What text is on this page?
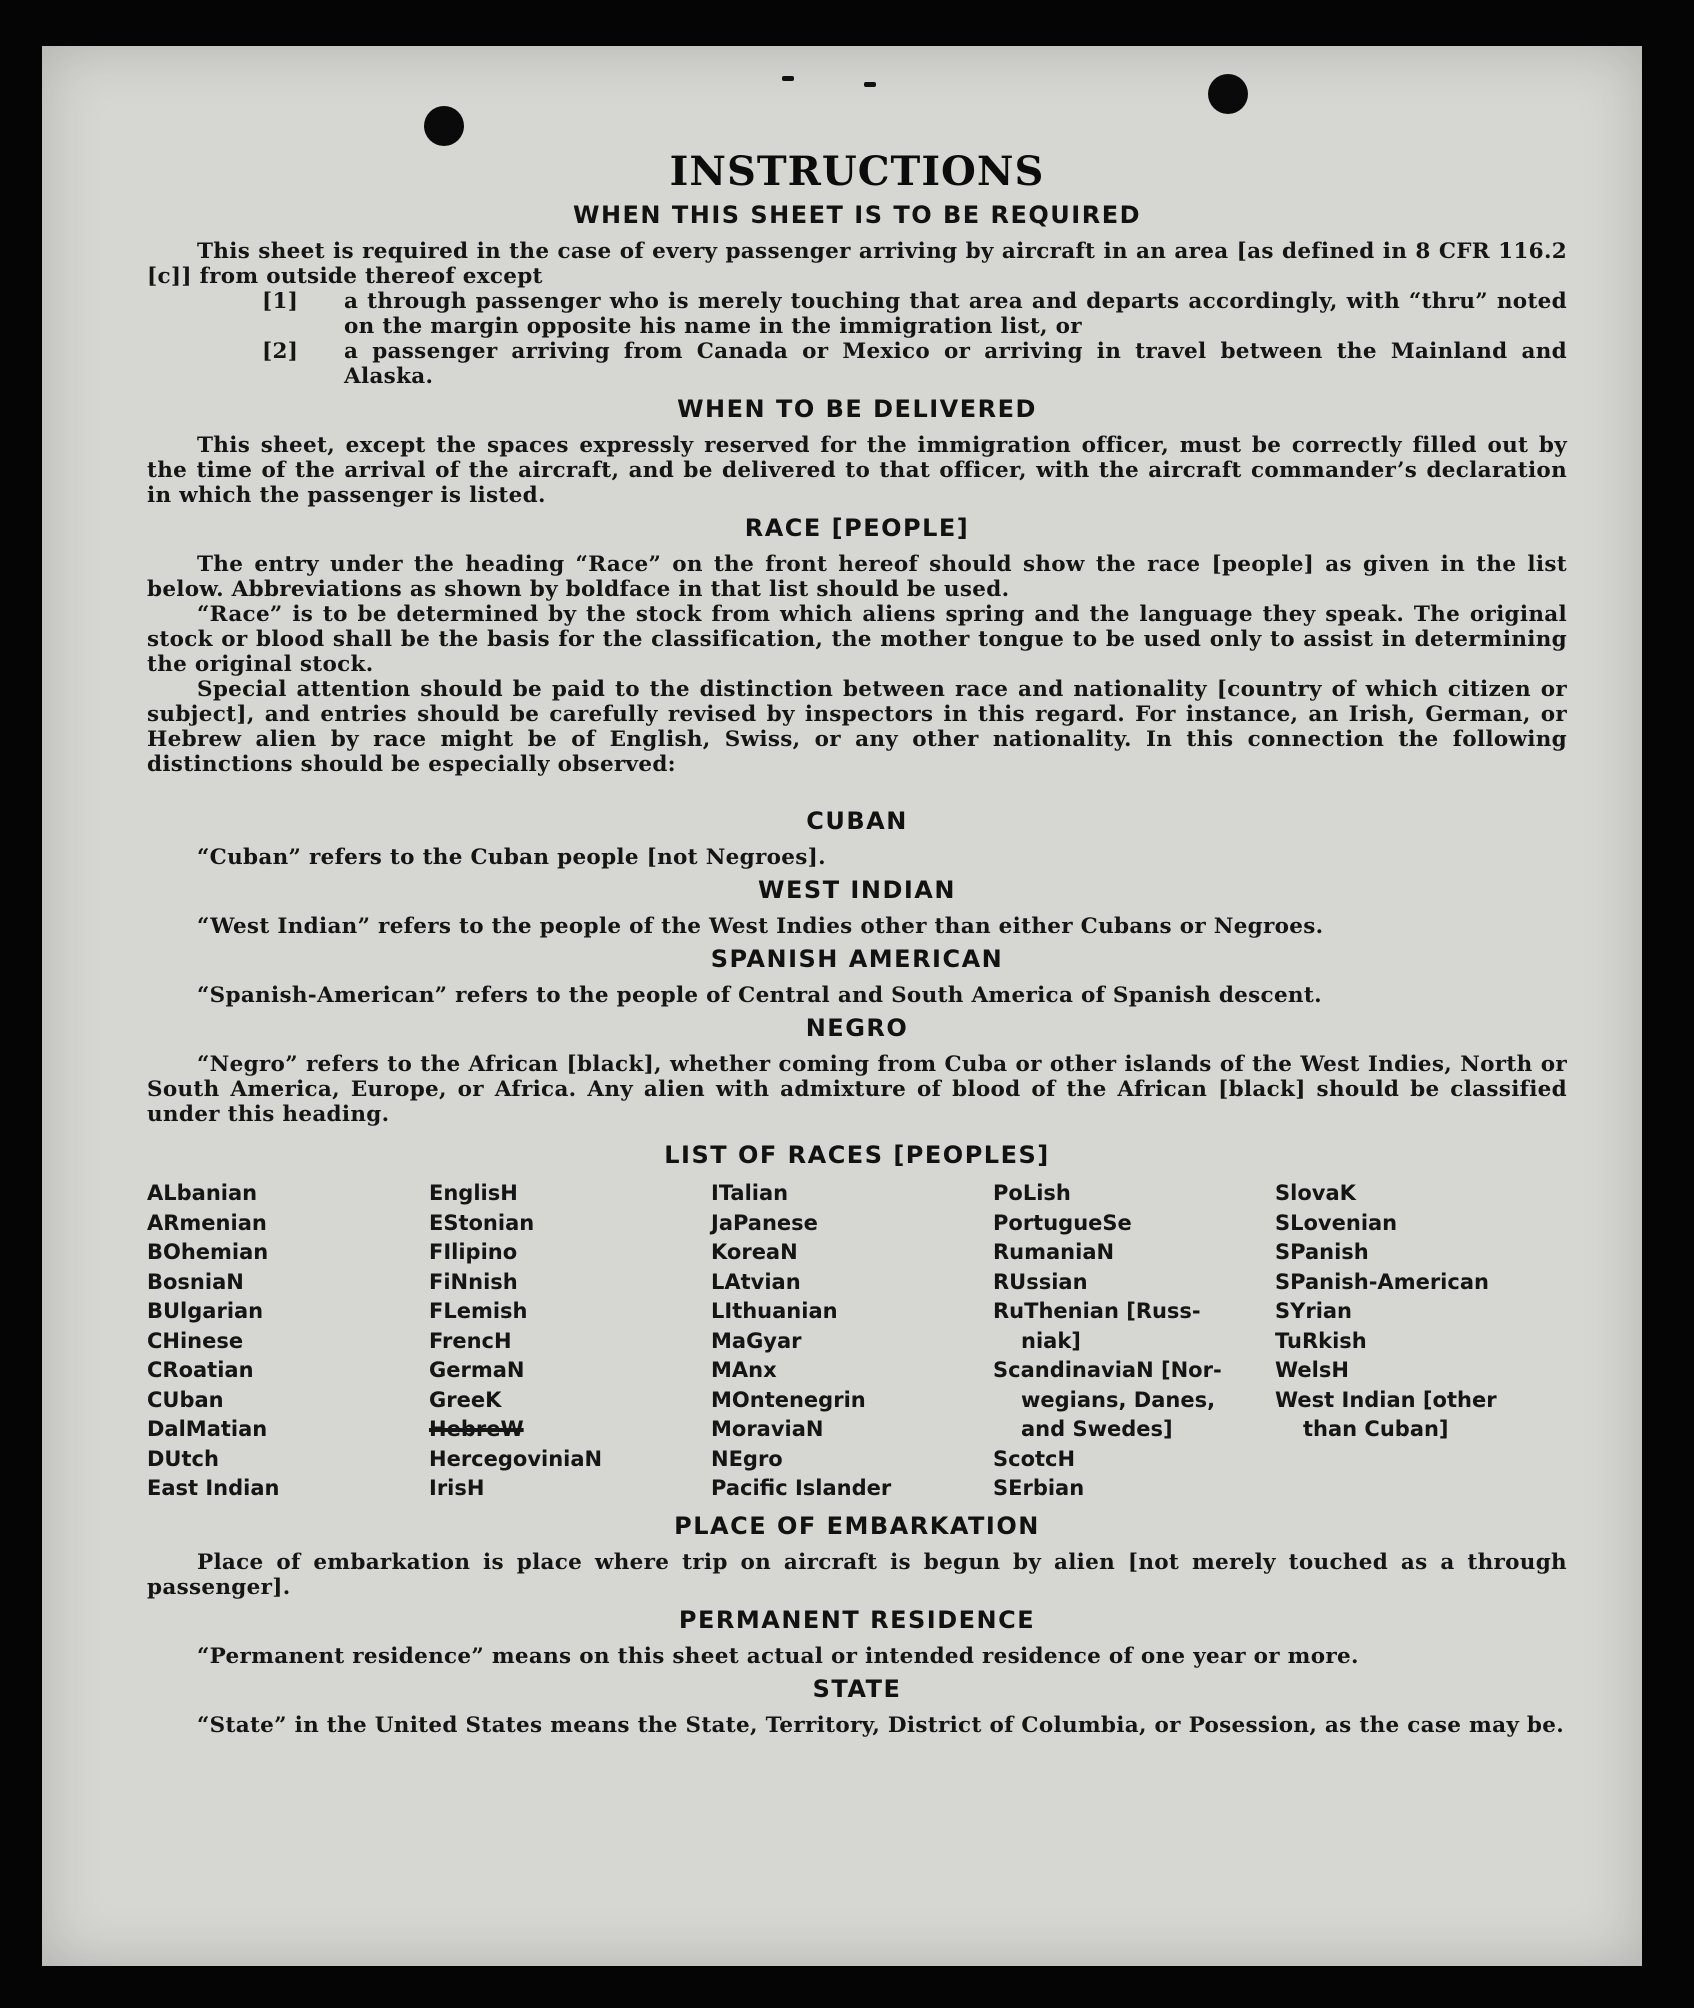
INSTRUCTIONS
WHEN THIS SHEET IS TO BE REQUIRED

This sheet is required in the case of every passenger arriving by aircraft in an area [as defined in 8 CFR 116.2 [c]] from outside thereof except

[1]	a through passenger who is merely touching that area and departs accordingly, with “thru” noted on the margin opposite his name in the immigration list, or

[2]	a passenger arriving from Canada or Mexico or arriving in travel between the Mainland and Alaska.

WHEN TO BE DELIVERED

This sheet, except the spaces expressly reserved for the immigration officer, must be correctly filled out by the time of the arrival of the aircraft, and be delivered to that officer, with the aircraft commander’s declaration in which the passenger is listed.

RACE [PEOPLE]

The entry under the heading “Race” on the front hereof should show the race [people] as given in the list below. Abbreviations as shown by boldface in that list should be used.

“Race” is to be determined by the stock from which aliens spring and the language they speak. The original stock or blood shall be the basis for the classification, the mother tongue to be used only to assist in determining the original stock.

Special attention should be paid to the distinction between race and nationality [country of which citizen or subject], and entries should be carefully revised by inspectors in this regard. For instance, an Irish, German, or Hebrew alien by race might be of English, Swiss, or any other nationality. In this connection the following distinctions should be especially observed:

CUBAN

“Cuban” refers to the Cuban people [not Negroes].

WEST INDIAN

“West Indian” refers to the people of the West Indies other than either Cubans or Negroes.

SPANISH AMERICAN

“Spanish-American” refers to the people of Central and South America of Spanish descent.

NEGRO

“Negro” refers to the African [black], whether coming from Cuba or other islands of the West Indies, North or South America, Europe, or Africa. Any alien with admixture of blood of the African [black] should be classified under this heading.

LIST OF RACES [PEOPLES]
ALbanian
ARmenian
BOhemian
BosniaN
BUlgarian
CHinese
CRoatian
CUban
DalMatian
DUtch
East Indian
EnglisH
EStonian
FIlipino
FiNnish
FLemish
FrencH
GermaN
GreeK
HebreW
HercegoviniaN
IrisH
ITalian
JaPanese
KoreaN
LAtvian
LIthuanian
MaGyar
MAnx
MOntenegrin
MoraviaN
NEgro
Pacific Islander
PoLish
PortugueSe
RumaniaN
RUssian
RuThenian [Russ-
niak]
ScandinaviaN [Nor-
wegians, Danes,
and Swedes]
ScotcH
SErbian
SlovaK
SLovenian
SPanish
SPanish-American
SYrian
TuRkish
WelsH
West Indian [other
than Cuban]
PLACE OF EMBARKATION

Place of embarkation is place where trip on aircraft is begun by alien [not merely touched as a through passenger].

PERMANENT RESIDENCE

“Permanent residence” means on this sheet actual or intended residence of one year or more.

STATE

“State” in the United States means the State, Territory, District of Columbia, or Posession, as the case may be.
